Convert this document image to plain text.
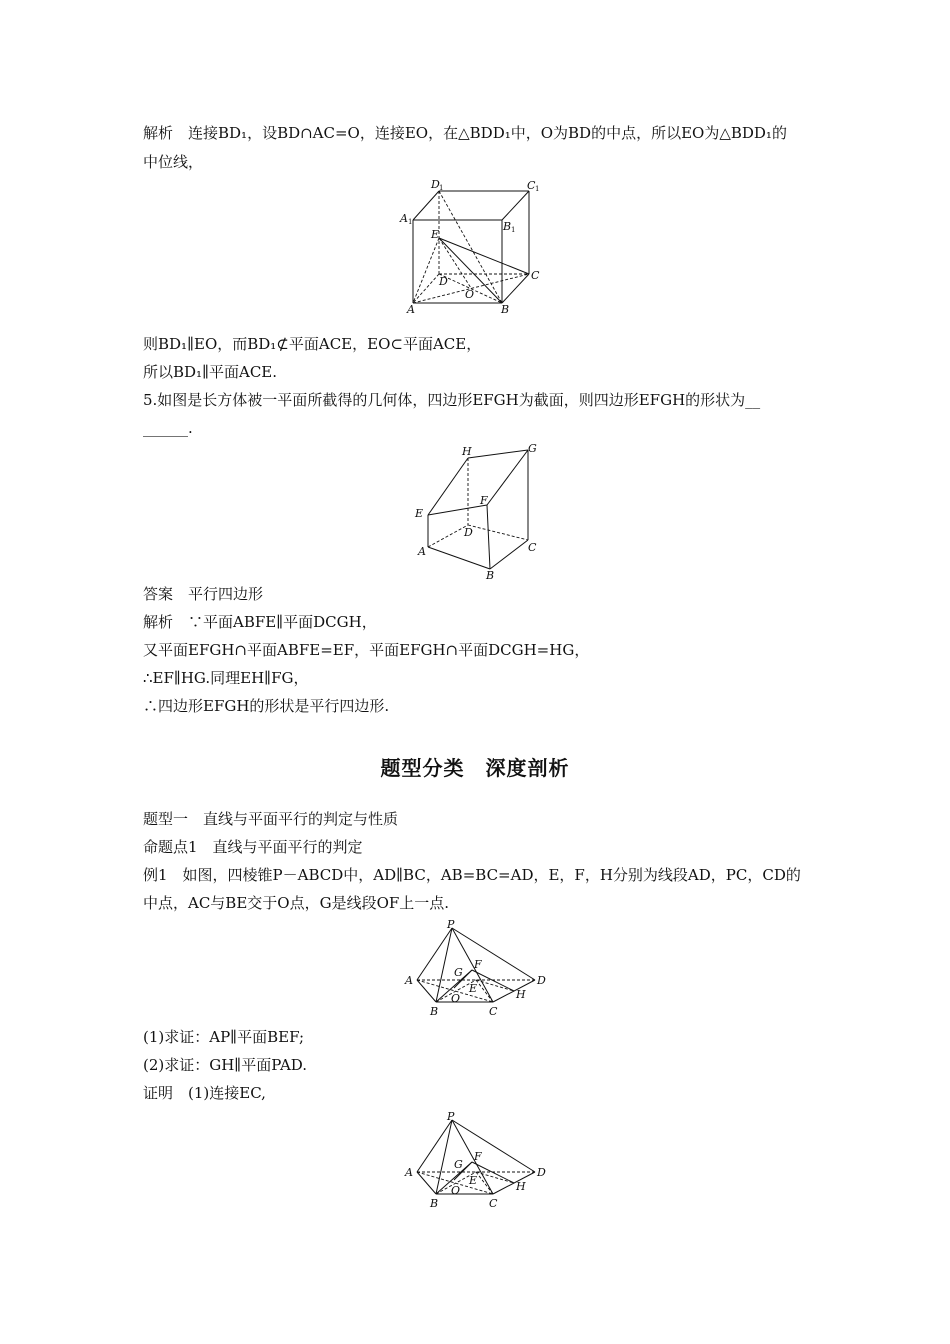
解析　连接BD₁，设BD∩AC=O，连接EO，在△BDD₁中，O为BD的中点，所以EO为△BDD₁的
中位线，
D 1	C 1
A 1	B 1
E
D	C
O
A	B
则BD₁∥EO，而BD₁⊄平面ACE，EO⊂平面ACE，
所以BD₁∥平面ACE.
5.如图是长方体被一平面所截得的几何体，四边形EFGH为截面，则四边形EFGH的形状为__
______.
H	G
F
E
D
A	C
B
答案　平行四边形
解析　∵平面ABFE∥平面DCGH，
又平面EFGH∩平面ABFE=EF，平面EFGH∩平面DCGH=HG，
∴EF∥HG.同理EH∥FG，
∴四边形EFGH的形状是平行四边形.
题型分类　深度剖析
题型一　直线与平面平行的判定与性质
命题点1　直线与平面平行的判定
例1　如图，四棱锥P－ABCD中，AD∥BC，AB=BC=AD，E，F，H分别为线段AD，PC，CD的
中点，AC与BE交于O点，G是线段OF上一点.
P
A	D
G
F
E
O	H
B	C
(1)求证：AP∥平面BEF;
(2)求证：GH∥平面PAD.
证明　(1)连接EC,
P
A	D
G
F
E
O	H
B	C
